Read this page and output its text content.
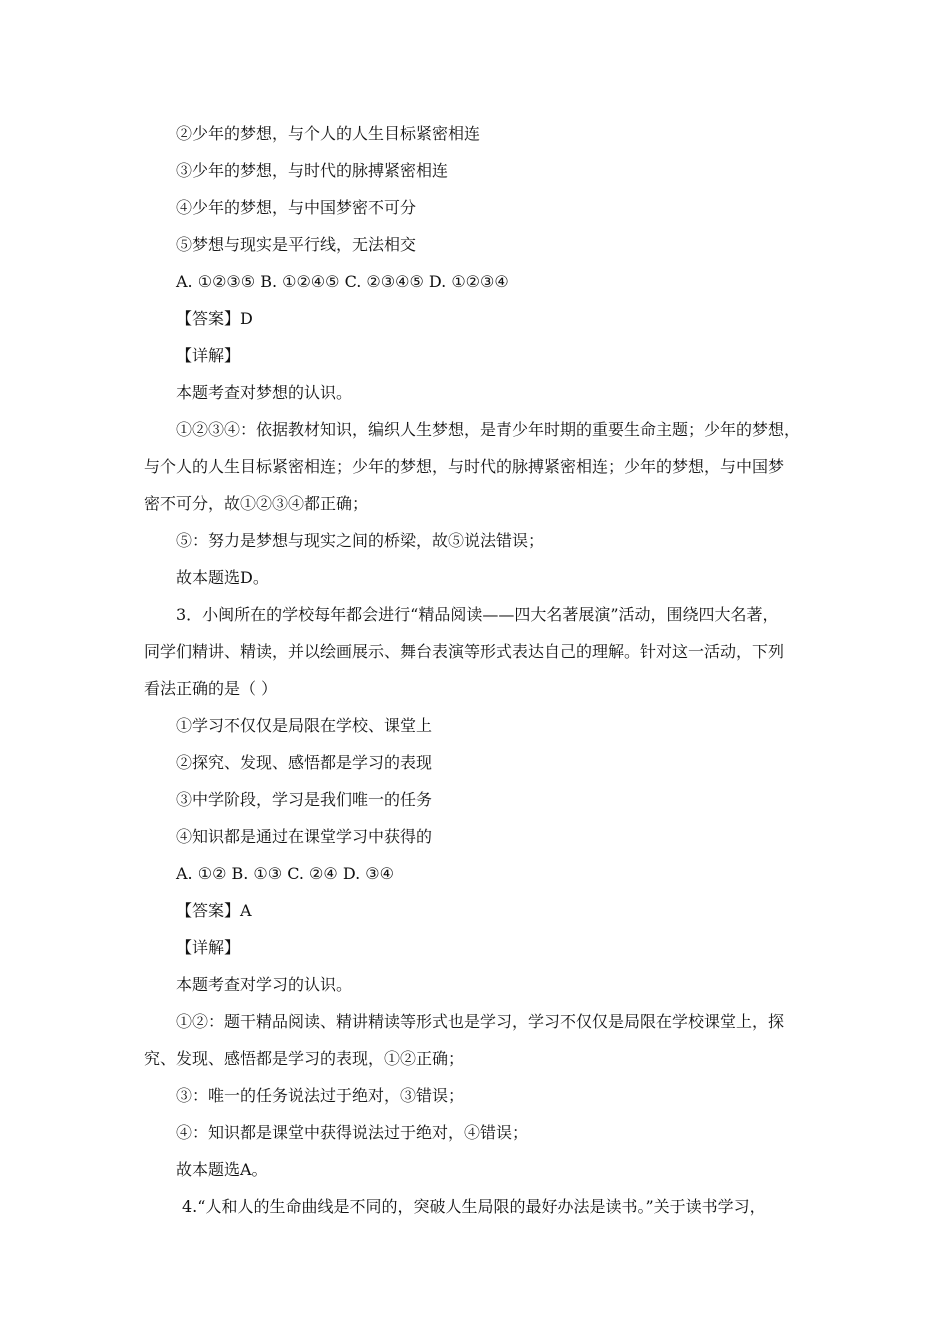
②少年的梦想，与个人的人生目标紧密相连
③少年的梦想，与时代的脉搏紧密相连
④少年的梦想，与中国梦密不可分
⑤梦想与现实是平行线，无法相交
A. ①②③⑤ B. ①②④⑤ C. ②③④⑤ D. ①②③④
【答案】D
【详解】
本题考查对梦想的认识。
①②③④：依据教材知识，编织人生梦想，是青少年时期的重要生命主题；少年的梦想，
与个人的人生目标紧密相连；少年的梦想，与时代的脉搏紧密相连；少年的梦想，与中国梦
密不可分，故①②③④都正确；
⑤：努力是梦想与现实之间的桥梁，故⑤说法错误；
故本题选D。
3．小闽所在的学校每年都会进行“精品阅读——四大名著展演”活动，围绕四大名著，
同学们精讲、精读，并以绘画展示、舞台表演等形式表达自己的理解。针对这一活动，下列
看法正确的是（ ）
①学习不仅仅是局限在学校、课堂上
②探究、发现、感悟都是学习的表现
③中学阶段，学习是我们唯一的任务
④知识都是通过在课堂学习中获得的
A. ①② B. ①③ C. ②④ D. ③④
【答案】A
【详解】
本题考查对学习的认识。
①②：题干精品阅读、精讲精读等形式也是学习，学习不仅仅是局限在学校课堂上，探
究、发现、感悟都是学习的表现，①②正确；
③：唯一的任务说法过于绝对，③错误；
④：知识都是课堂中获得说法过于绝对，④错误；
故本题选A。
4.“人和人的生命曲线是不同的，突破人生局限的最好办法是读书。”关于读书学习，
